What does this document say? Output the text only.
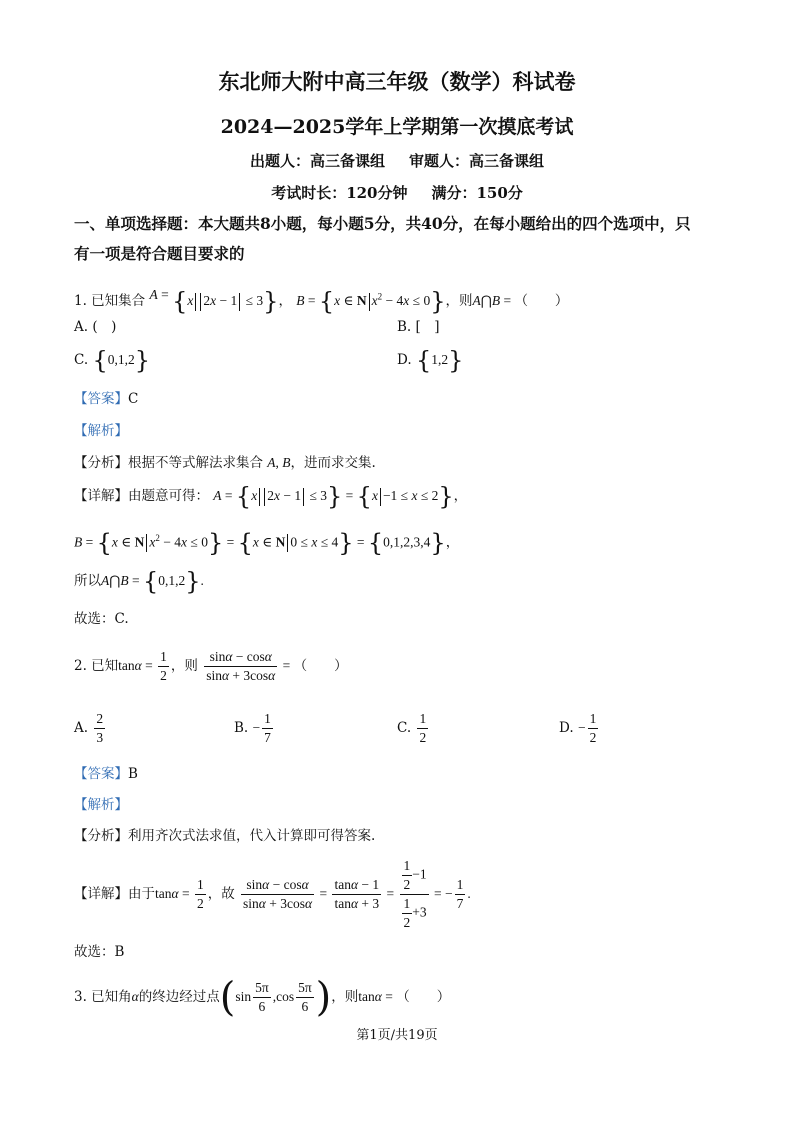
东北师大附中高三年级（数学）科试卷
2024—2025学年上学期第一次摸底考试
出题人：高三备课组 审题人：高三备课组
考试时长：120分钟 满分：150分
一、单项选择题：本大题共8小题，每小题5分，共40分，在每小题给出的四个选项中，只
有一项是符合题目要求的
1. 已知集合 A = {x 2x − 1 ≤ 3}， B = {x ∈ N $x^2 - 4x \le 0$}，则A⋂B = （　　）
A. (　)	B. [　]
C. {0,1,2}	D. {1,2}
【答案】C
【解析】
【分析】根据不等式解法求集合 A, B，进而求交集.
【详解】由题意可得： A = {x 2x − 1 ≤ 3} = {x −1 ≤ x ≤ 2}，
B = {x ∈ N $x^2 - 4x \le 0\} = \{x$ ∈ N 0 ≤ x ≤ 4} = {0,1,2,3,4}，
所以A⋂B = {0,1,2}.
故选：C.
2. 已知$\tan\alpha = \frac{1}{2}$ ，则 $\frac{\sin\alpha - \cos\alpha}{\sin\alpha + 3\cos\alpha}$ = （　　）
A. $\frac{2}{3}$	B. − $\frac{1}{7}$	C. $\frac{1}{2}$	D. − $\frac{1}{2}$
【答案】B
【解析】
【分析】利用齐次式法求值，代入计算即可得答案.
【详解】由于$\tan\alpha = \frac{1}{2}$ ，故 $\frac{\sin\alpha - \cos\alpha}{\sin\alpha + 3\cos\alpha} = \frac{\tan\alpha - 1}{\tan\alpha + 3} = \frac{\frac{1}{2} -1}{\frac{1}{2} +3}$ = − $\frac{1}{7}$ .
故选：B
3. 已知角α的终边经过点($\sin \frac{5\pi}{6} ,\cos \frac{5\pi}{6}$ )，则tanα = （　　）
第1页/共19页
